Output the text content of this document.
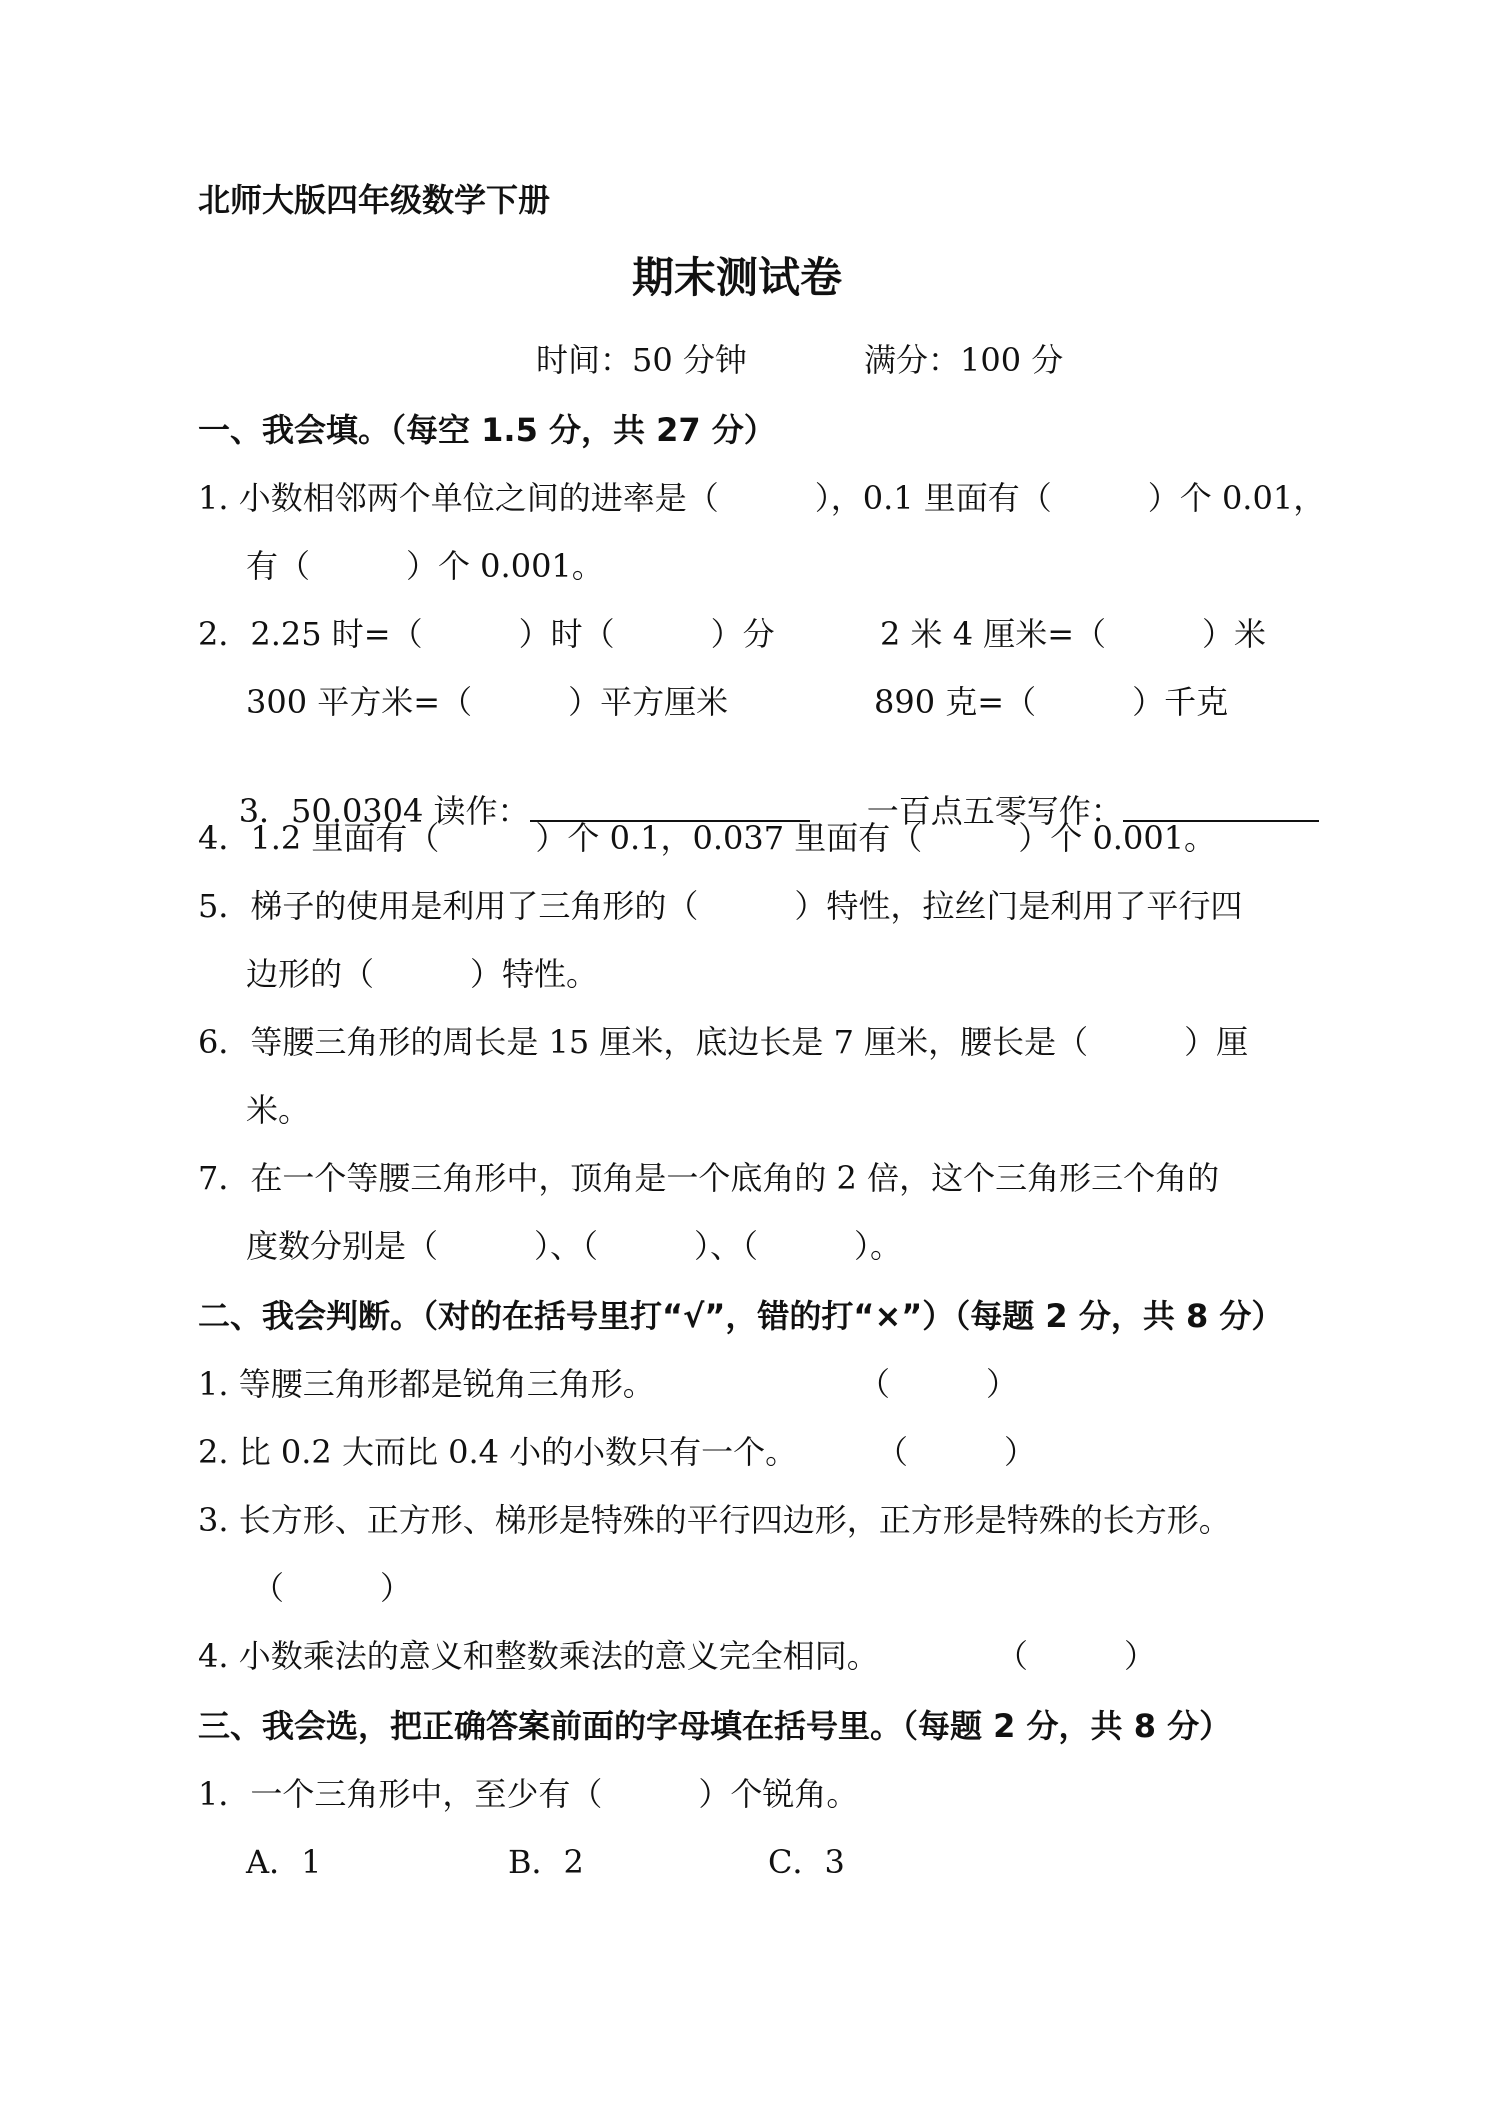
北师大版四年级数学下册
期末测试卷
时间：50 分钟	满分：100 分
一、我会填。（每空 1.5 分，共 27 分）
1. 小数相邻两个单位之间的进率是（　　　），0.1 里面有（　　　）个 0.01，
有（　　　）个 0.001。
2．2.25 时=（　　　）时（　　　）分	2 米 4 厘米=（　　　）米
300 平方米=（　　　）平方厘米	890 克=（　　　）千克

3．50.0304 读作：
	一百点五零写作：

4．1.2 里面有（　　　）个 0.1，0.037 里面有（　　　）个 0.001。
5．梯子的使用是利用了三角形的（　　　）特性，拉丝门是利用了平行四
边形的（　　　）特性。
6．等腰三角形的周长是 15 厘米，底边长是 7 厘米，腰长是（　　　）厘
米。
7．在一个等腰三角形中，顶角是一个底角的 2 倍，这个三角形三个角的
度数分别是（　　　）、（　　　）、（　　　）。
二、我会判断。（对的在括号里打“√”，错的打“×”）（每题 2 分，共 8 分）
1. 等腰三角形都是锐角三角形。	（　　　）
2. 比 0.2 大而比 0.4 小的小数只有一个。 （　　　）
3. 长方形、正方形、梯形是特殊的平行四边形，正方形是特殊的长方形。
（　　　）
4. 小数乘法的意义和整数乘法的意义完全相同。	（　　　）
三、我会选，把正确答案前面的字母填在括号里。（每题 2 分，共 8 分）
1．一个三角形中，至少有（　　　）个锐角。
A．1	B．2	C．3
